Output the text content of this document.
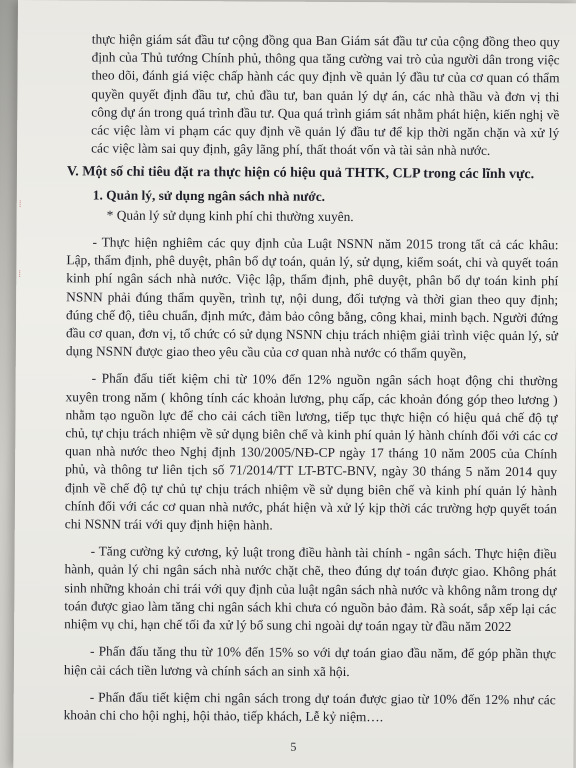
⁞
⁞

thực hiện giám sát đầu tư cộng đồng qua Ban Giám sát đầu tư của cộng đồng theo quy định của Thủ tướng Chính phủ, thông qua tăng cường vai trò của người dân trong việc theo dõi, đánh giá việc chấp hành các quy định về quản lý đầu tư của cơ quan có thẩm quyền quyết định đầu tư, chủ đầu tư, ban quản lý dự án, các nhà thầu và đơn vị thi công dự án trong quá trình đầu tư. Qua quá trình giám sát nhằm phát hiện, kiến nghị về các việc làm vi phạm các quy định về quản lý đầu tư để kịp thời ngăn chặn và xử lý các việc làm sai quy định, gây lãng phí, thất thoát vốn và tài sản nhà nước.

V. Một số chỉ tiêu đặt ra thực hiện có hiệu quả THTK, CLP trong các lĩnh vực.

1. Quản lý, sử dụng ngân sách nhà nước.

* Quản lý sử dụng kinh phí chi thường xuyên.

- Thực hiện nghiêm các quy định của Luật NSNN năm 2015 trong tất cả các khâu: Lập, thẩm định, phê duyệt, phân bổ dự toán, quản lý, sử dụng, kiểm soát, chi và quyết toán kinh phí ngân sách nhà nước. Việc lập, thẩm định, phê duyệt, phân bổ dự toán kinh phí NSNN phải đúng thẩm quyền, trình tự, nội dung, đối tượng và thời gian theo quy định; đúng chế độ, tiêu chuẩn, định mức, đảm bảo công bằng, công khai, minh bạch. Người đứng đầu cơ quan, đơn vị, tổ chức có sử dụng NSNN chịu trách nhiệm giải trình việc quản lý, sử dụng NSNN được giao theo yêu cầu của cơ quan nhà nước có thẩm quyền,

- Phấn đấu tiết kiệm chi từ 10% đến 12% nguồn ngân sách hoạt động chi thường xuyên trong năm ( không tính các khoản lương, phụ cấp, các khoản đóng góp theo lương ) nhằm tạo nguồn lực để cho cải cách tiền lương, tiếp tục thực hiện có hiệu quả chế độ tự chủ, tự chịu trách nhiệm về sử dụng biên chế và kinh phí quản lý hành chính đối với các cơ quan nhà nước theo Nghị định 130/2005/NĐ-CP ngày 17 tháng 10 năm 2005 của Chính phủ, và thông tư liên tịch số 71/2014/TT LT-BTC-BNV, ngày 30 tháng 5 năm 2014 quy định về chế độ tự chủ tự chịu trách nhiệm về sử dụng biên chế và kinh phí quản lý hành chính đối với các cơ quan nhà nước, phát hiện và xử lý kịp thời các trường hợp quyết toán chi NSNN trái với quy định hiện hành.

- Tăng cường kỷ cương, kỷ luật trong điều hành tài chính - ngân sách. Thực hiện điều hành, quản lý chi ngân sách nhà nước chặt chẽ, theo đúng dự toán được giao. Không phát sinh những khoản chi trái với quy định của luật ngân sách nhà nước và không nằm trong dự toán được giao làm tăng chi ngân sách khi chưa có nguồn bảo đảm. Rà soát, sắp xếp lại các nhiệm vụ chi, hạn chế tối đa xử lý bổ sung chi ngoài dự toán ngay từ đầu năm 2022

- Phấn đấu tăng thu từ 10% đến 15% so với dự toán giao đầu năm, để góp phần thực hiện cải cách tiền lương và chính sách an sinh xã hội.

- Phấn đấu tiết kiệm chi ngân sách trong dự toán được giao từ 10% đến 12% như các khoản chi cho hội nghị, hội thảo, tiếp khách, Lễ kỷ niệm….

5
